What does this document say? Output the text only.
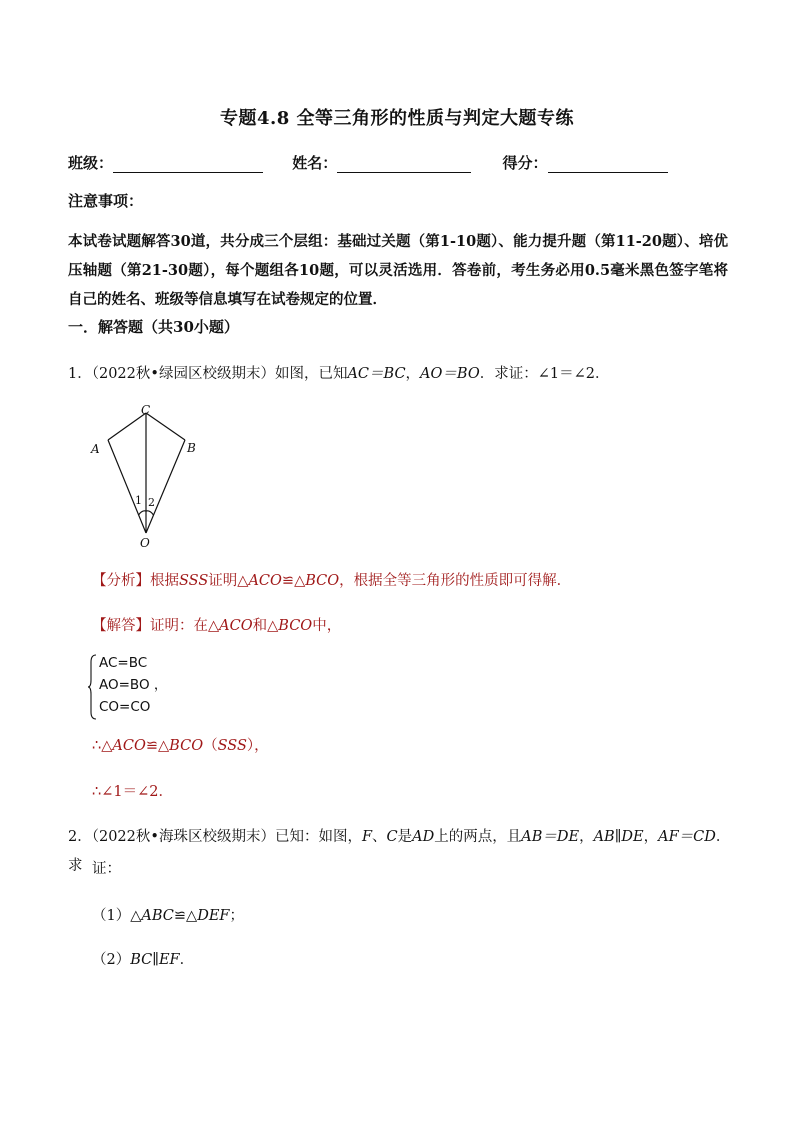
专题4.8 全等三角形的性质与判定大题专练
班级：	姓名：	得分：
注意事项：
本试卷试题解答30道，共分成三个层组：基础过关题（第1-10题）、能力提升题（第11-20题）、培优压轴题（第21-30题），每个题组各10题，可以灵活选用．答卷前，考生务必用0.5毫米黑色签字笔将自己的姓名、班级等信息填写在试卷规定的位置．
一．解答题（共30小题）
1．（2022秋•绿园区校级期末）如图，已知AC＝BC，AO＝BO．求证：∠1＝∠2．
C
A	B
O
1 2
【分析】根据SSS证明△ACO≌△BCO，根据全等三角形的性质即可得解．
【解答】证明：在△ACO和△BCO中，
AC=BC
AO=BO ，
CO=CO
∴△ACO≌△BCO（SSS），
∴∠1＝∠2．
2．（2022秋•海珠区校级期末）已知：如图，F、C是AD上的两点，且AB＝DE，AB∥DE，AF＝CD．求 证：
（1）△ABC≌△DEF；
（2）BC∥EF．
